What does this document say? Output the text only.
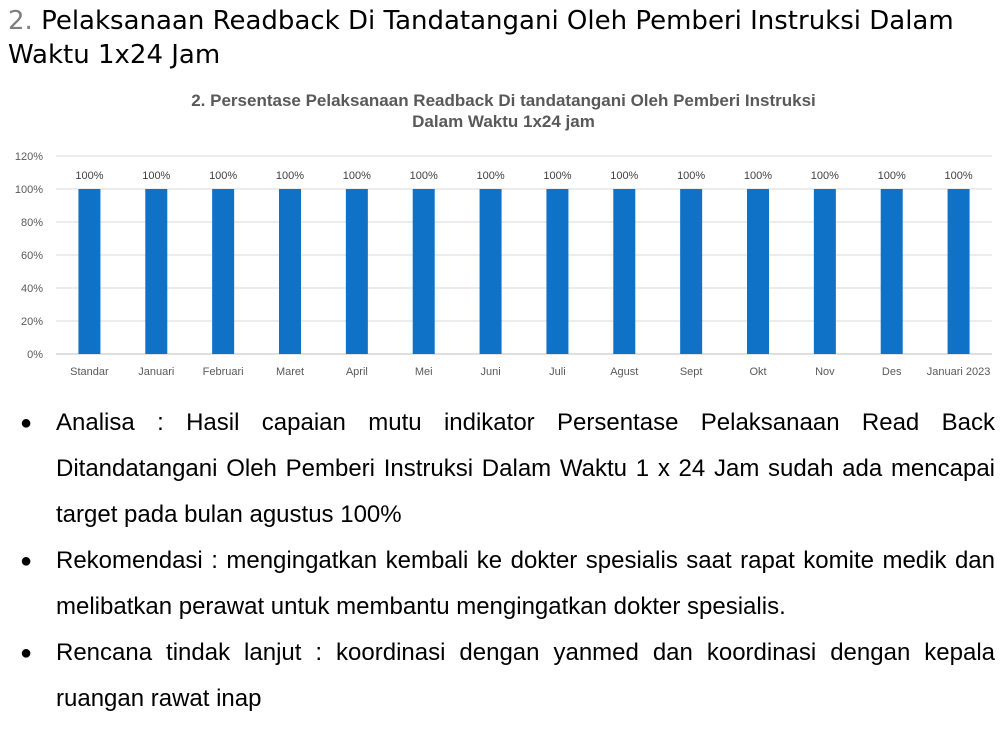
2. Pelaksanaan Readback Di Tandatangani Oleh Pemberi Instruksi Dalam Waktu 1x24 Jam
2. Persentase Pelaksanaan Readback Di tandatangani Oleh Pemberi Instruksi
Dalam Waktu 1x24 jam
0%
20%
40%
60%
80%
100%
120%
100%
Standar
100%
Januari
100%
Februari
100%
Maret
100%
April
100%
Mei
100%
Juni
100%
Juli
100%
Agust
100%
Sept
100%
Okt
100%
Nov
100%
Des
100%
Januari 2023
● Analisa : Hasil capaian mutu indikator Persentase Pelaksanaan Read Back Ditandatangani Oleh Pemberi Instruksi Dalam Waktu 1 x 24 Jam sudah ada mencapai target pada bulan agustus 100%
● Rekomendasi : mengingatkan kembali ke dokter spesialis saat rapat komite medik dan melibatkan perawat untuk membantu mengingatkan dokter spesialis.
● Rencana tindak lanjut : koordinasi dengan yanmed dan koordinasi dengan kepala ruangan rawat inap
